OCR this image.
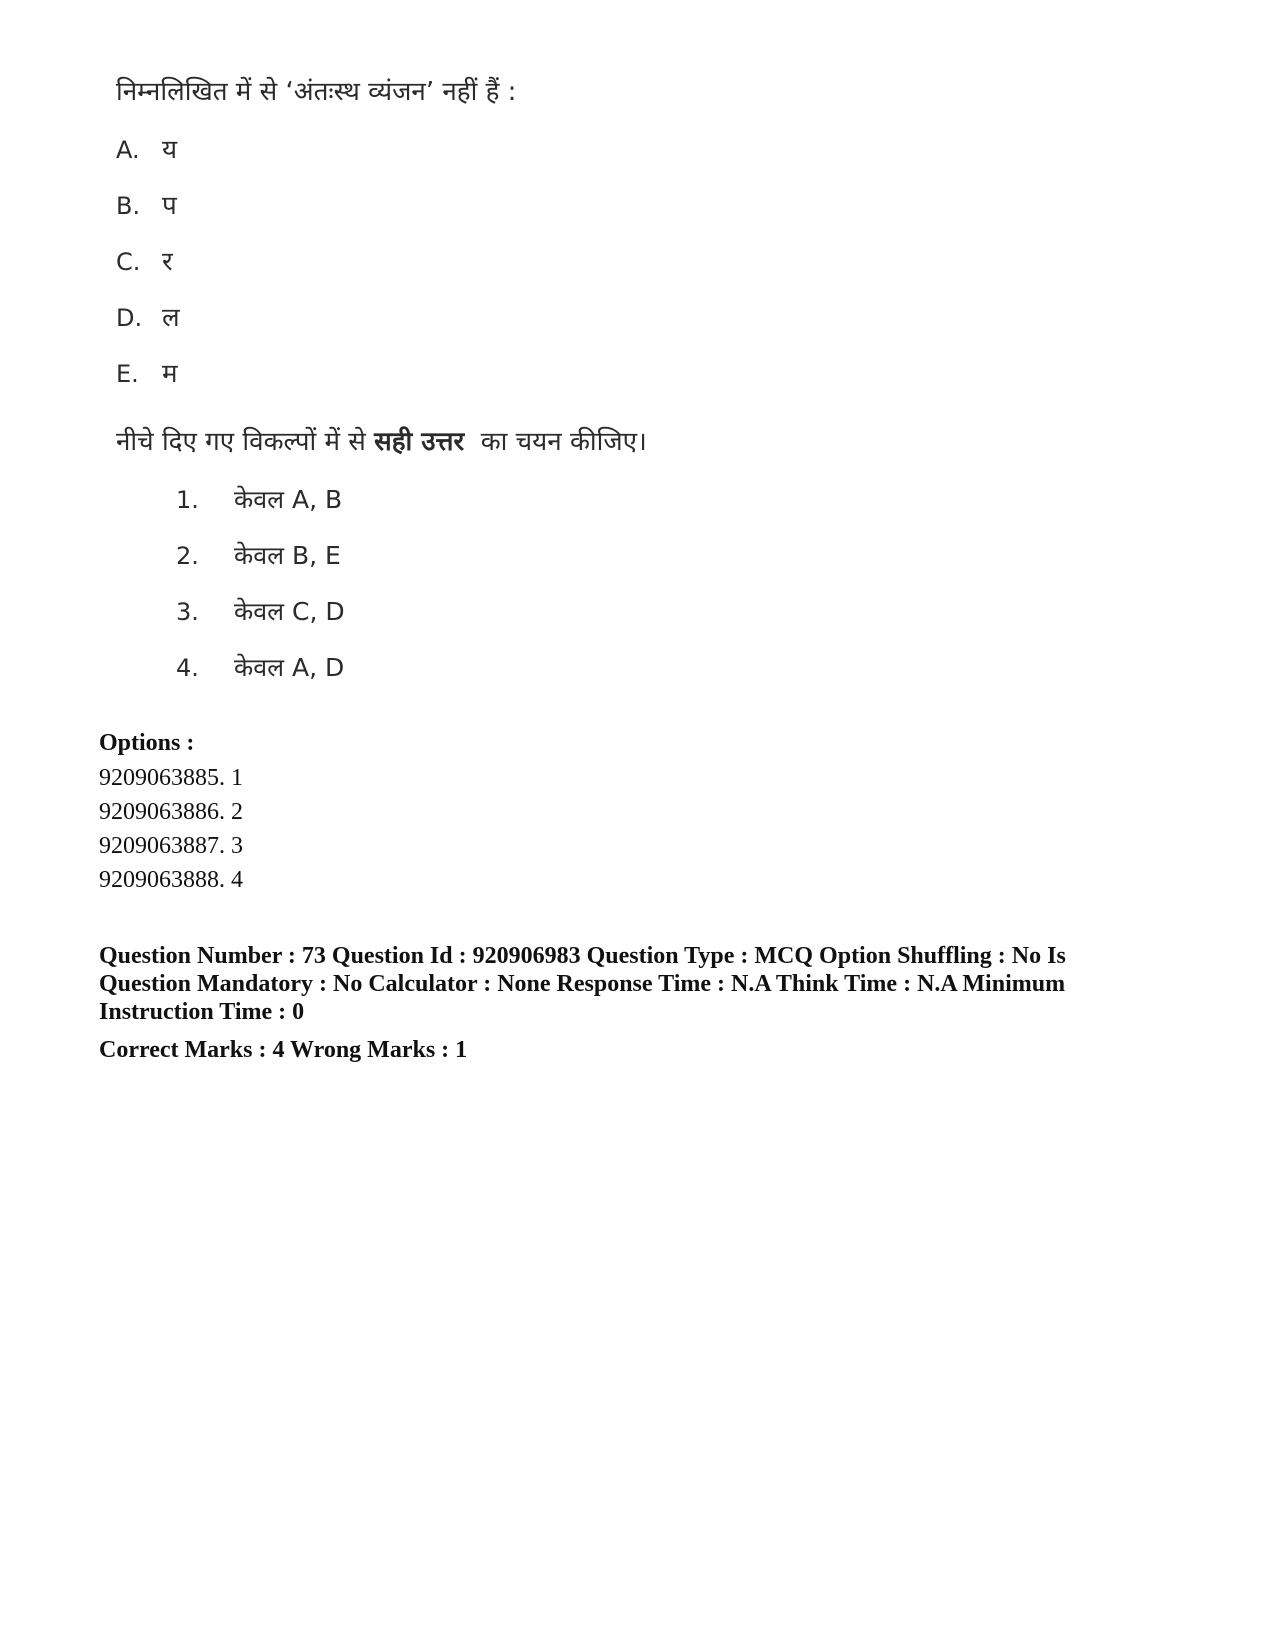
निम्नलिखित में से ‘अंतःस्थ व्यंजन’ नहीं हैं :

A. य
B. प
C. र
D. ल
E. म
नीचे दिए गए विकल्पों में से सही उत्तर  का चयन कीजिए।
1. केवल A, B
2. केवल B, E
3. केवल C, D
4. केवल A, D
Options :
9209063885. 1
9209063886. 2
9209063887. 3
9209063888. 4
Question Number : 73 Question Id : 920906983 Question Type : MCQ Option Shuffling : No Is
Question Mandatory : No Calculator : None Response Time : N.A Think Time : N.A Minimum
Instruction Time : 0
Correct Marks : 4 Wrong Marks : 1
